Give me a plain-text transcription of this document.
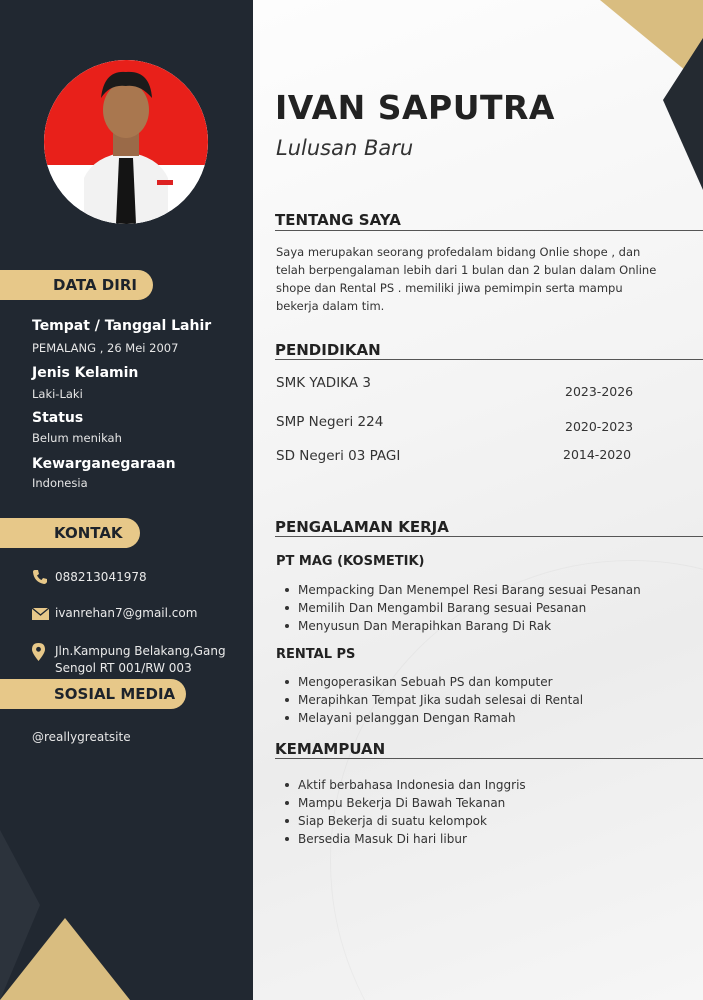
DATA DIRI
Tempat / Tanggal Lahir
PEMALANG , 26 Mei 2007
Jenis Kelamin
Laki-Laki
Status
Belum menikah
Kewarganegaraan
Indonesia
KONTAK
088213041978
ivanrehan7@gmail.com
Jln.Kampung Belakang,Gang
Sengol RT 001/RW 003
SOSIAL MEDIA
@reallygreatsite
IVAN SAPUTRA
Lulusan Baru
TENTANG SAYA
Saya merupakan seorang profedalam bidang Onlie shope , dan
telah berpengalaman lebih dari 1 bulan dan 2 bulan dalam Online
shope dan Rental PS . memiliki jiwa pemimpin serta mampu
bekerja dalam tim.
PENDIDIKAN
SMK YADIKA 3
2023-2026
SMP Negeri 224	2020-2023
SD Negeri 03 PAGI	2014-2020
PENGALAMAN KERJA
PT MAG (KOSMETIK)
Mempacking Dan Menempel Resi Barang sesuai Pesanan
Memilih Dan Mengambil Barang sesuai Pesanan
Menyusun Dan Merapihkan Barang Di Rak
RENTAL PS
Mengoperasikan Sebuah PS dan komputer
Merapihkan Tempat Jika sudah selesai di Rental
Melayani pelanggan Dengan Ramah
KEMAMPUAN
Aktif berbahasa Indonesia dan Inggris
Mampu Bekerja Di Bawah Tekanan
Siap Bekerja di suatu kelompok
Bersedia Masuk Di hari libur
